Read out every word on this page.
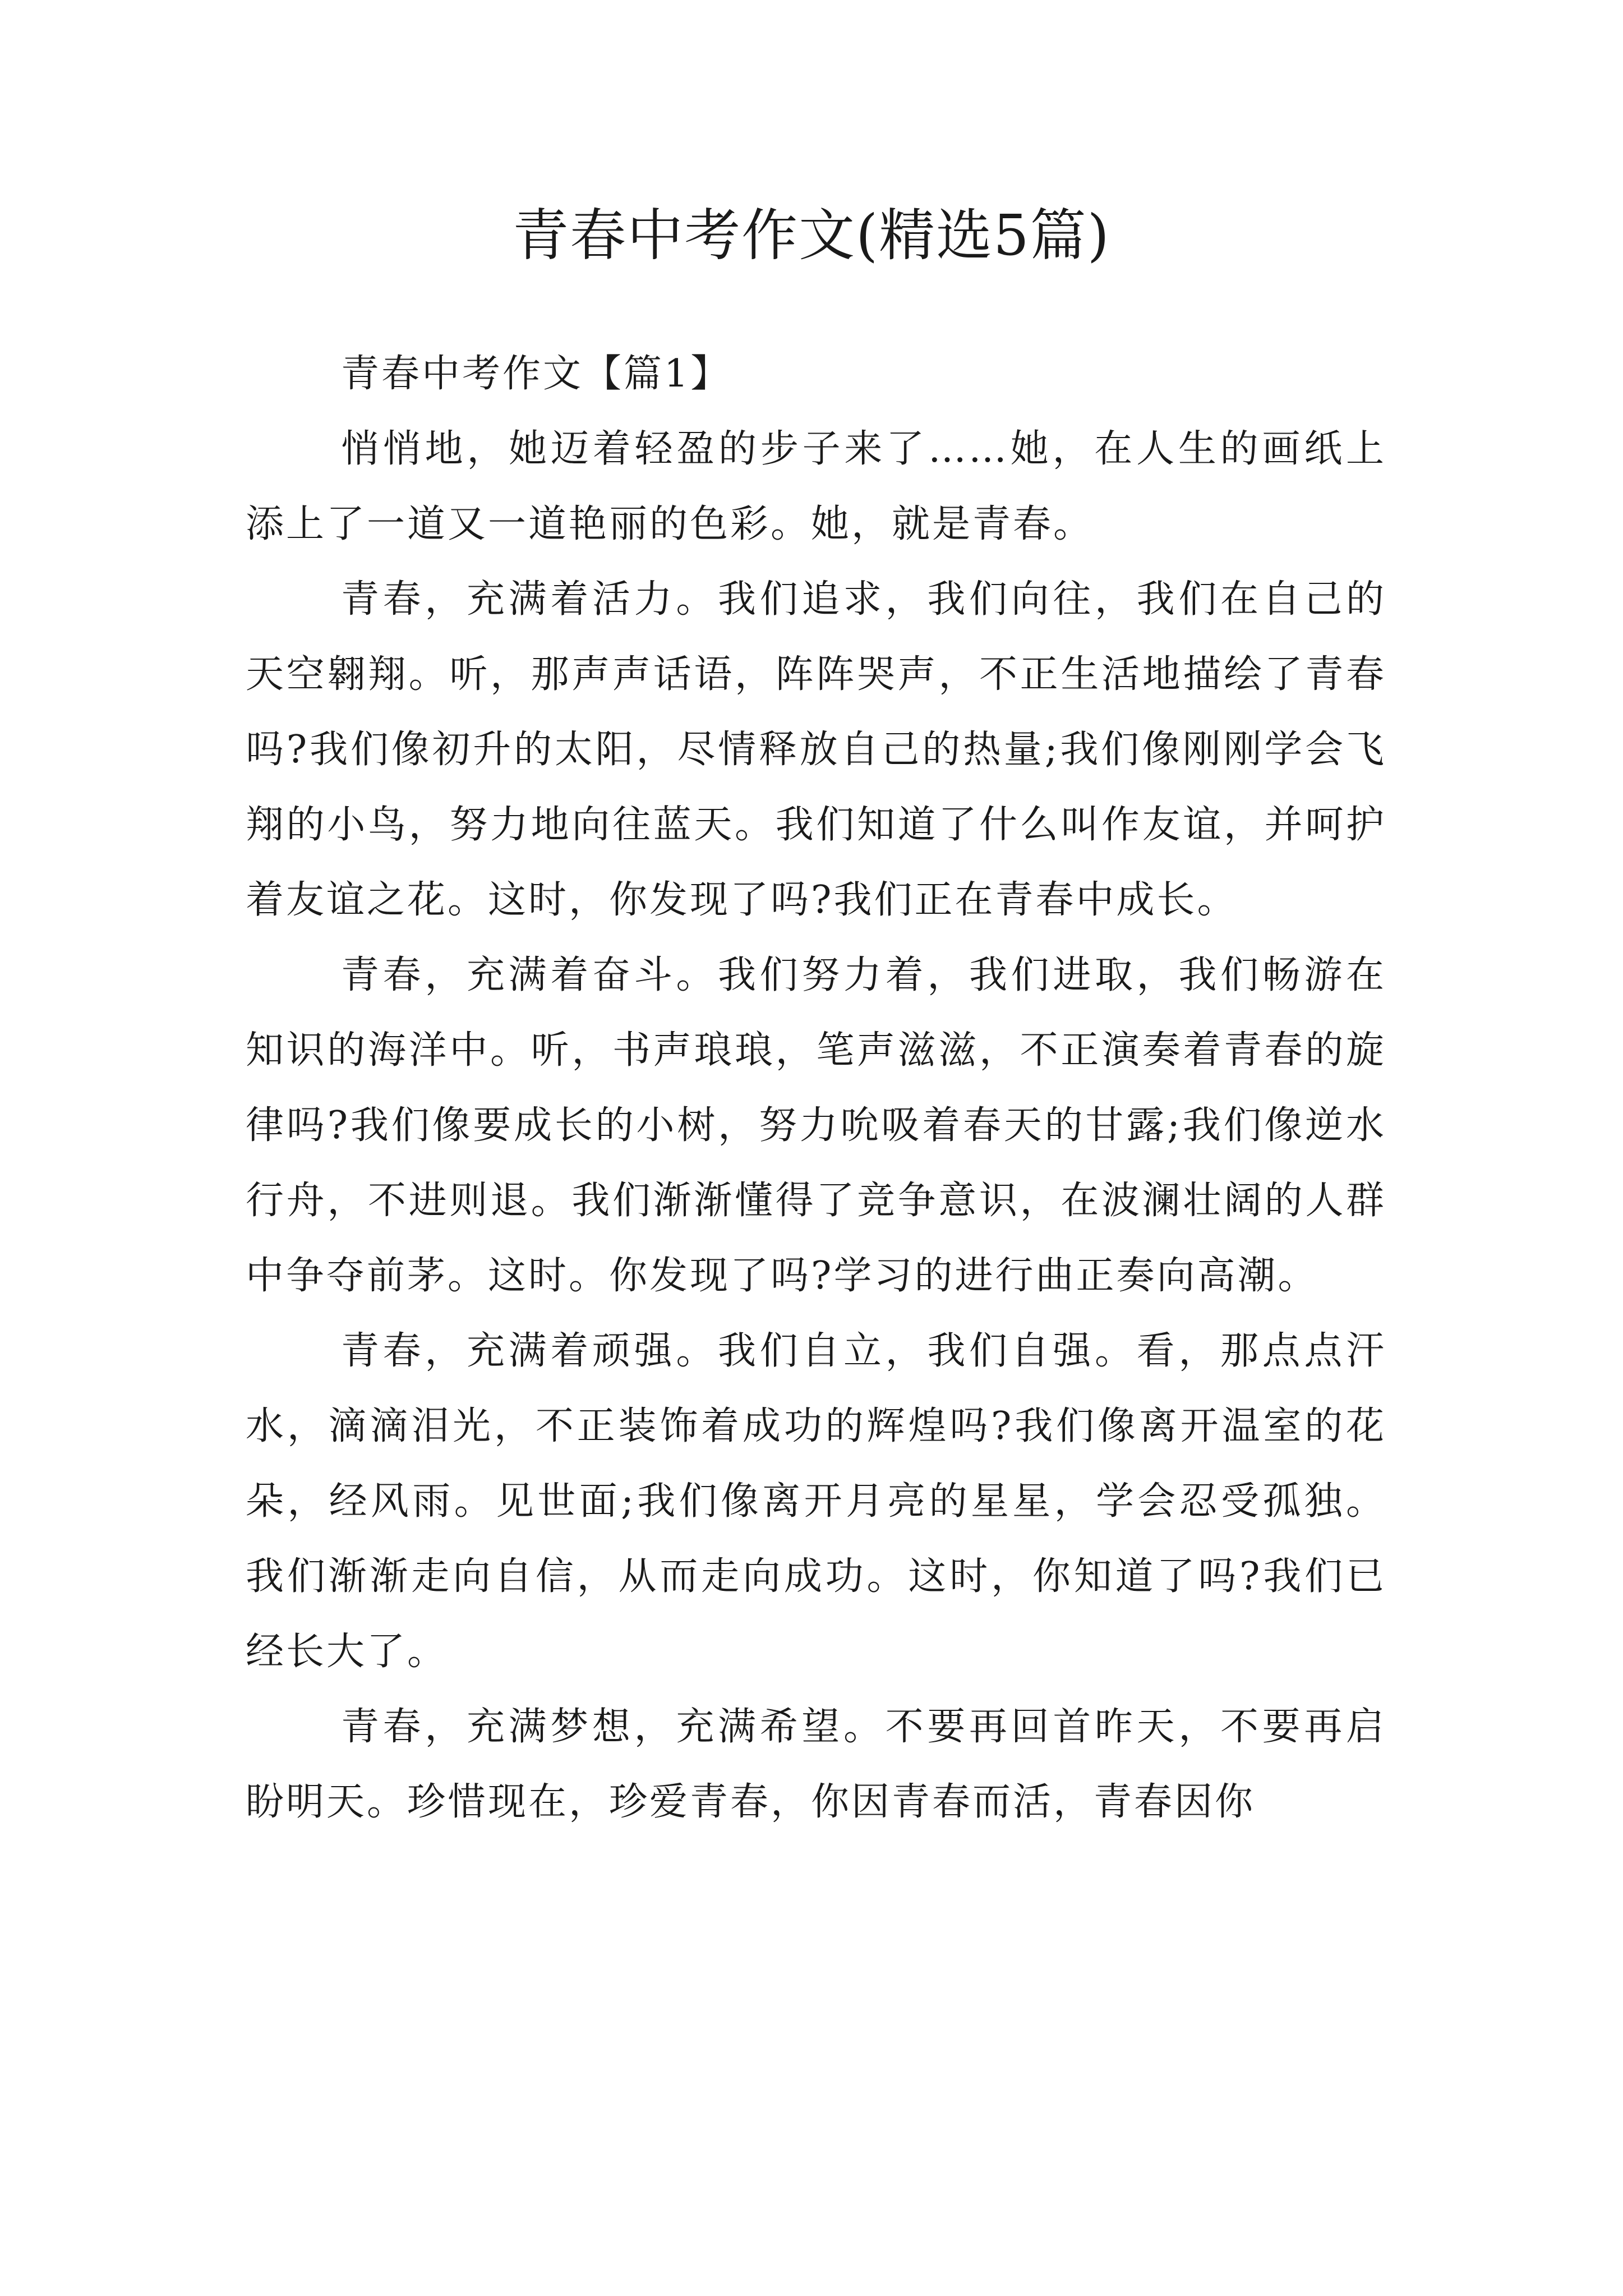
青春中考作文(精选5篇)
青春中考作文【篇1】

悄悄地，她迈着轻盈的步子来了……她，在人生的画纸上添上了一道又一道艳丽的色彩。她，就是青春。

青春，充满着活力。我们追求，我们向往，我们在自己的天空翱翔。听，那声声话语，阵阵哭声，不正生活地描绘了青春吗?我们像初升的太阳，尽情释放自己的热量;我们像刚刚学会飞翔的小鸟，努力地向往蓝天。我们知道了什么叫作友谊，并呵护着友谊之花。这时，你发现了吗?我们正在青春中成长。

青春，充满着奋斗。我们努力着，我们进取，我们畅游在知识的海洋中。听，书声琅琅，笔声滋滋，不正演奏着青春的旋律吗?我们像要成长的小树，努力吮吸着春天的甘露;我们像逆水行舟，不进则退。我们渐渐懂得了竞争意识，在波澜壮阔的人群中争夺前茅。这时。你发现了吗?学习的进行曲正奏向高潮。

青春，充满着顽强。我们自立，我们自强。看，那点点汗水，滴滴泪光，不正装饰着成功的辉煌吗?我们像离开温室的花朵，经风雨。见世面;我们像离开月亮的星星，学会忍受孤独。我们渐渐走向自信，从而走向成功。这时，你知道了吗?我们已经长大了。

青春，充满梦想，充满希望。不要再回首昨天，不要再启盼明天。珍惜现在，珍爱青春，你因青春而活，青春因你
